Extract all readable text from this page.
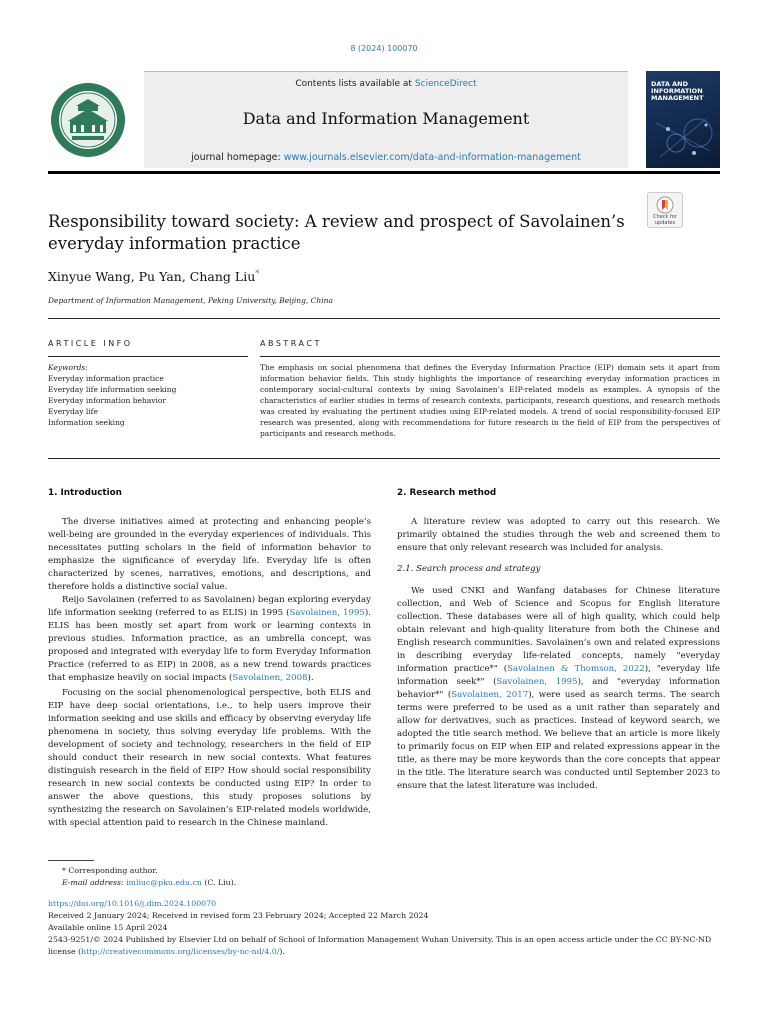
8 (2024) 100070
Contents lists available at ScienceDirect
Data and Information Management
journal homepage: www.journals.elsevier.com/data-and-information-management
DATA AND INFORMATION MANAGEMENT
Check for updates
Responsibility toward society: A review and prospect of Savolainen’s everyday information practice
Xinyue Wang, Pu Yan, Chang Liu*
Department of Information Management, Peking University, Beijing, China
ARTICLE INFO	ABSTRACT
Keywords:
Everyday information practice
Everyday life information seeking
Everyday information behavior
Everyday life
Information seeking
The emphasis on social phenomena that defines the Everyday Information Practice (EIP) domain sets it apart from information behavior fields. This study highlights the importance of researching everyday information practices in contemporary social-cultural contexts by using Savolainen’s EIP-related models as examples. A synopsis of the characteristics of earlier studies in terms of research contexts, participants, research questions, and research methods was created by evaluating the pertinent studies using EIP-related models. A trend of social responsibility-focused EIP research was presented, along with recommendations for future research in the field of EIP from the perspectives of participants and research methods.
1. Introduction

The diverse initiatives aimed at protecting and enhancing people’s well-being are grounded in the everyday experiences of individuals. This necessitates putting scholars in the field of information behavior to emphasize the significance of everyday life. Everyday life is often characterized by scenes, narratives, emotions, and descriptions, and therefore holds a distinctive social value.

Reijo Savolainen (referred to as Savolainen) began exploring everyday life information seeking (referred to as ELIS) in 1995 (Savolainen, 1995). ELIS has been mostly set apart from work or learning contexts in previous studies. Information practice, as an umbrella concept, was proposed and integrated with everyday life to form Everyday Information Practice (referred to as EIP) in 2008, as a new trend towards practices that emphasize heavily on social impacts (Savolainen, 2008).

Focusing on the social phenomenological perspective, both ELIS and EIP have deep social orientations, i.e., to help users improve their information seeking and use skills and efficacy by observing everyday life phenomena in society, thus solving everyday life problems. With the development of society and technology, researchers in the field of EIP should conduct their research in new social contexts. What features distinguish research in the field of EIP? How should social responsibility research in new social contexts be conducted using EIP? In order to answer the above questions, this study proposes solutions by synthesizing the research on Savolainen’s EIP-related models worldwide, with special attention paid to research in the Chinese mainland.

2. Research method

A literature review was adopted to carry out this research. We primarily obtained the studies through the web and screened them to ensure that only relevant research was included for analysis.

2.1. Search process and strategy

We used CNKI and Wanfang databases for Chinese literature collection, and Web of Science and Scopus for English literature collection. These databases were all of high quality, which could help obtain relevant and high-quality literature from both the Chinese and English research communities. Savolainen’s own and related expressions in describing everyday life-related concepts, namely "everyday information practice*" (Savolainen & Thomson, 2022), "everyday life information seek*" (Savolainen, 1995), and "everyday information behavior*" (Savolainen, 2017), were used as search terms. The search terms were preferred to be used as a unit rather than separately and allow for derivatives, such as practices. Instead of keyword search, we adopted the title search method. We believe that an article is more likely to primarily focus on EIP when EIP and related expressions appear in the title, as there may be more keywords than the core concepts that appear in the title. The literature search was conducted until September 2023 to ensure that the latest literature was included.

* Corresponding author.
E-mail address: imliuc@pku.edu.cn (C. Liu).
https://doi.org/10.1016/j.dim.2024.100070
Received 2 January 2024; Received in revised form 23 February 2024; Accepted 22 March 2024
Available online 15 April 2024
2543-9251/© 2024 Published by Elsevier Ltd on behalf of School of Information Management Wuhan University. This is an open access article under the CC BY-NC-ND license (http://creativecommons.org/licenses/by-nc-nd/4.0/).
